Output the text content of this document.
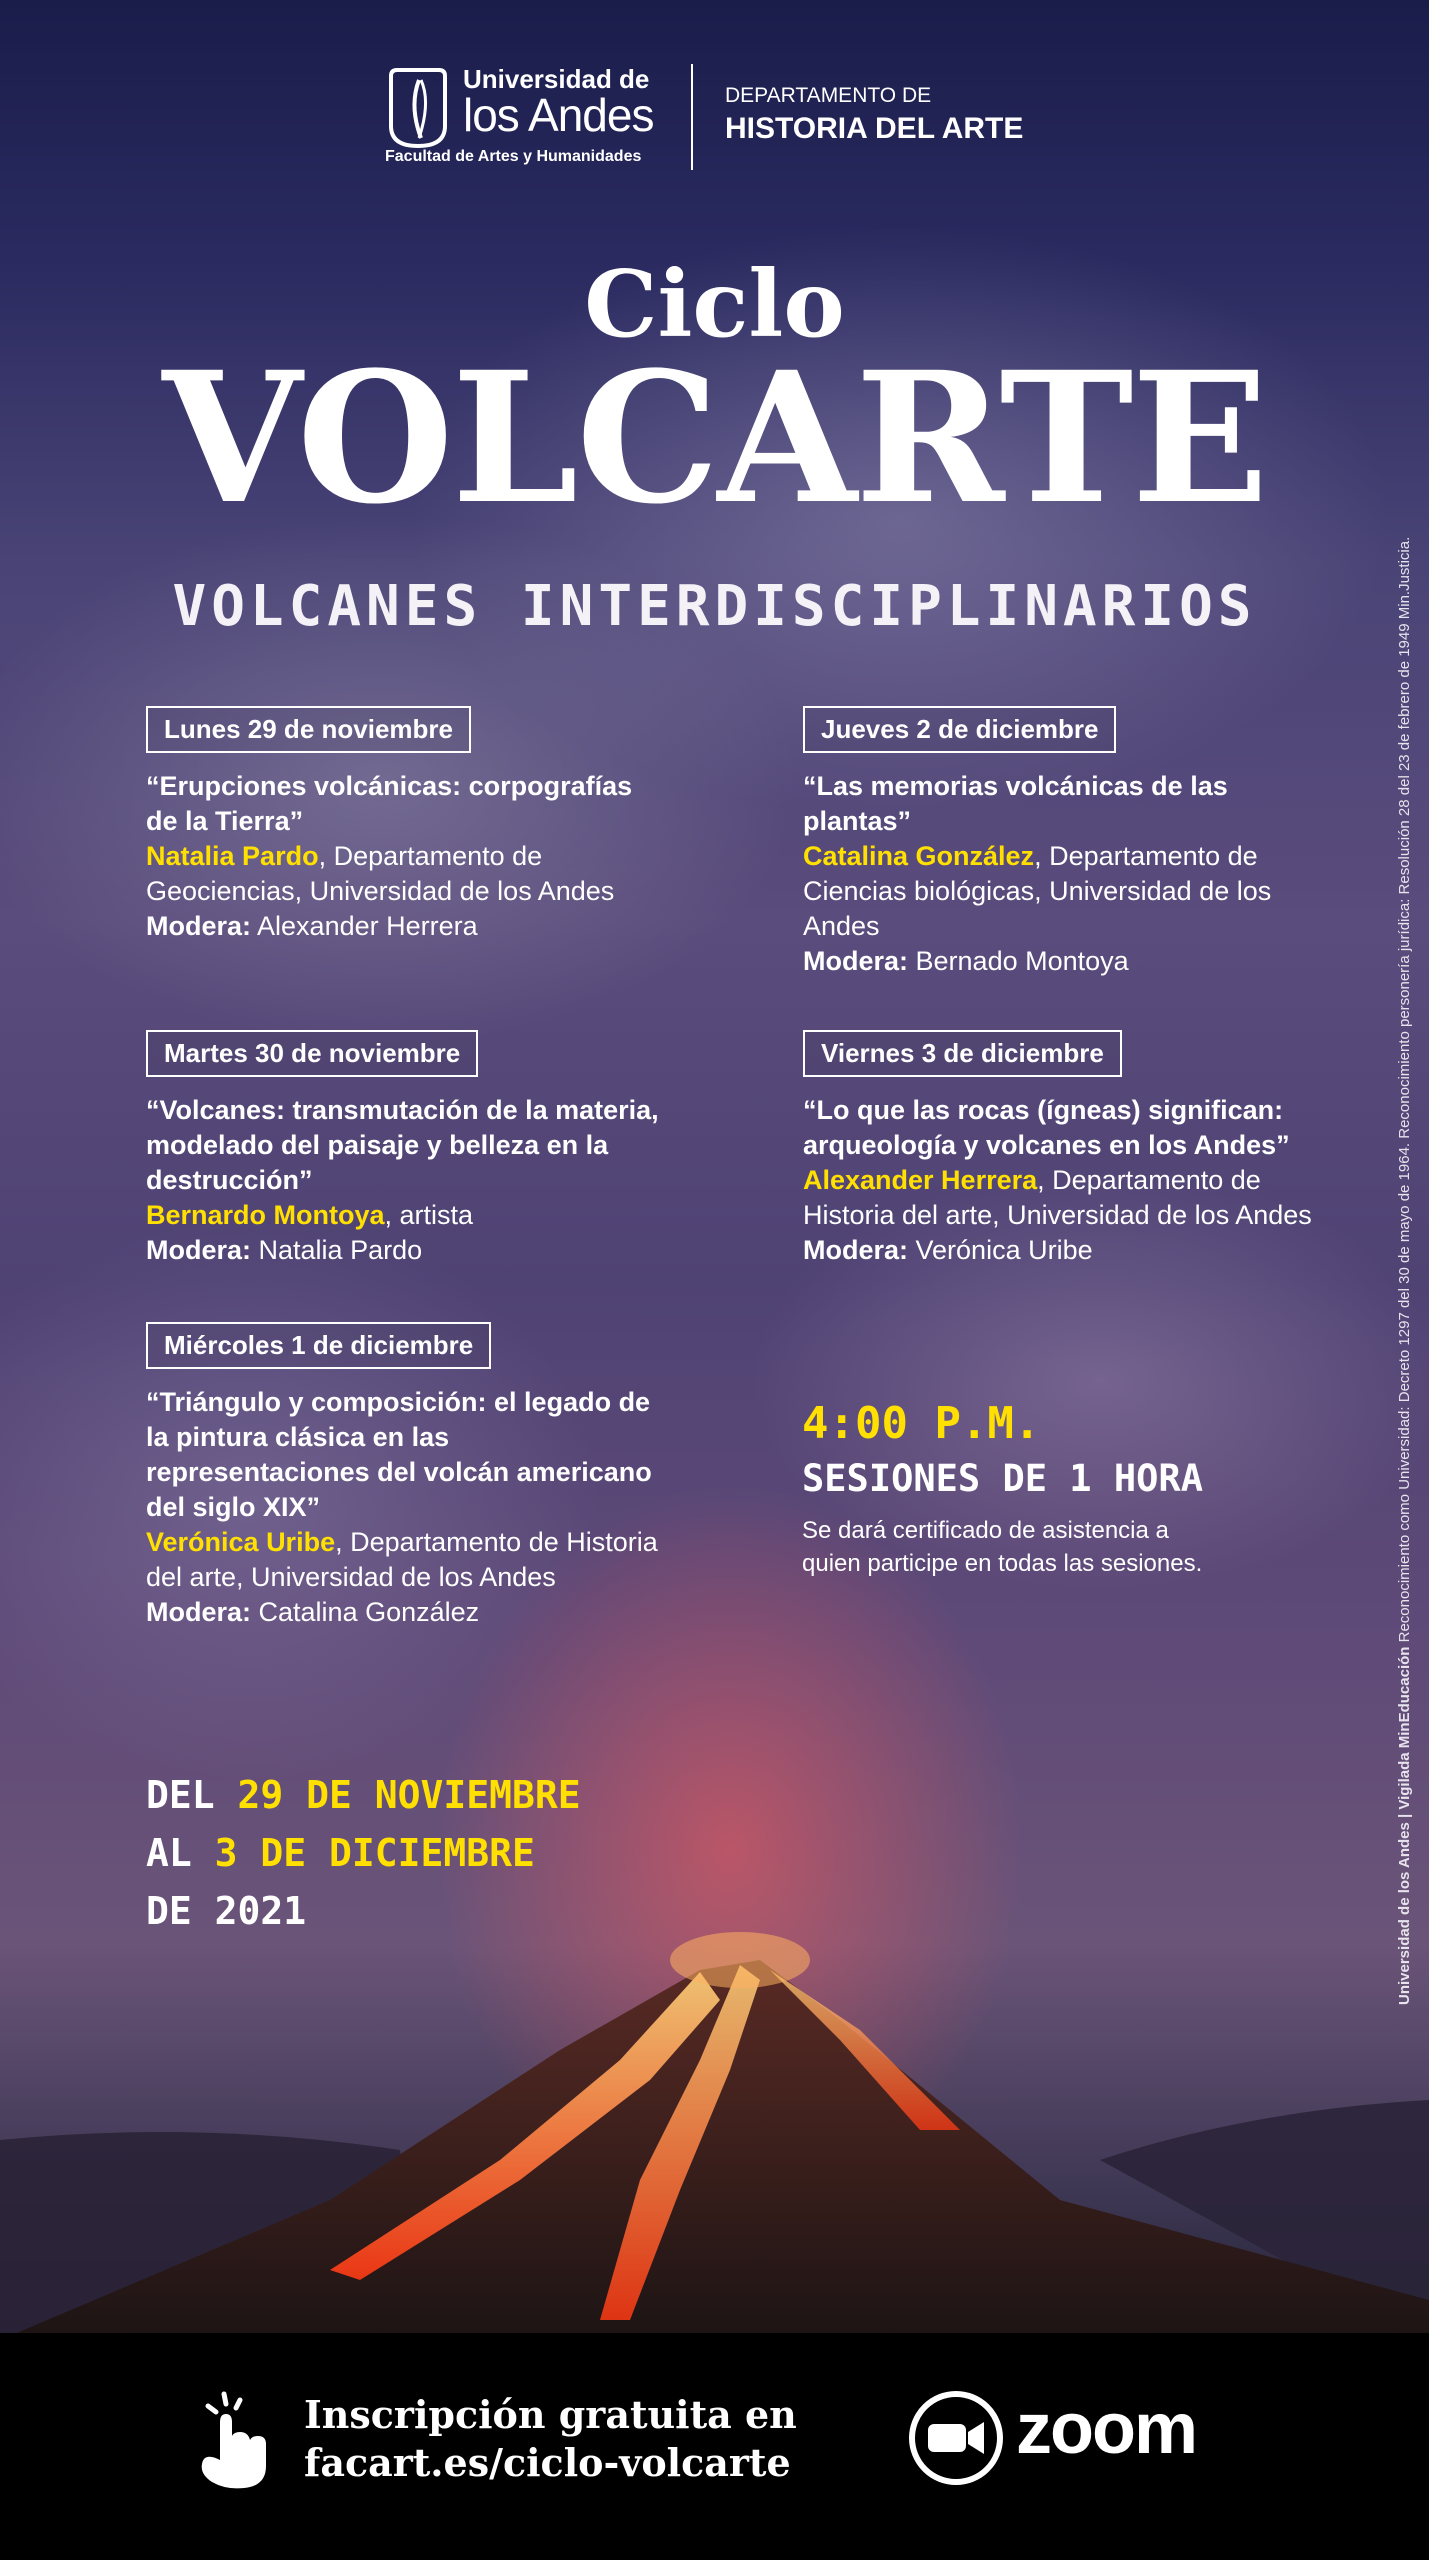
Universidad de
los Andes
Facultad de Artes y Humanidades
DEPARTAMENTO DE
HISTORIA DEL ARTE
Ciclo
VOLCARTE
VOLCANES INTERDISCIPLINARIOS
Lunes 29 de noviembre
“Erupciones volcánicas: corpografías de la Tierra”
Natalia Pardo, Departamento de Geociencias, Universidad de los Andes
Modera: Alexander Herrera
Jueves 2 de diciembre
“Las memorias volcánicas de las plantas”
Catalina González, Departamento de Ciencias biológicas, Universidad de los Andes
Modera: Bernado Montoya
Martes 30 de noviembre
“Volcanes: transmutación de la materia, modelado del paisaje y belleza en la destrucción”
Bernardo Montoya, artista
Modera: Natalia Pardo
Viernes 3 de diciembre
“Lo que las rocas (ígneas) significan: arqueología y volcanes en los Andes”
Alexander Herrera, Departamento de Historia del arte, Universidad de los Andes
Modera: Verónica Uribe
Miércoles 1 de diciembre
“Triángulo y composición: el legado de la pintura clásica en las representaciones del volcán americano del siglo XIX”
Verónica Uribe, Departamento de Historia del arte, Universidad de los Andes
Modera: Catalina González
4:00 P.M.
SESIONES DE 1 HORA
Se dará certificado de asistencia a quien participe en todas las sesiones.
DEL 29 DE NOVIEMBRE
AL 3 DE DICIEMBRE
DE 2021	Universidad de los Andes | Vigilada MinEducación Reconocimiento como Universidad: Decreto 1297 del 30 de mayo de 1964. Reconocimiento personería jurídica: Resolución 28 del 23 de febrero de 1949 Min.Justicia.
Inscripción gratuita en
facart.es/ciclo-volcarte	zoom
